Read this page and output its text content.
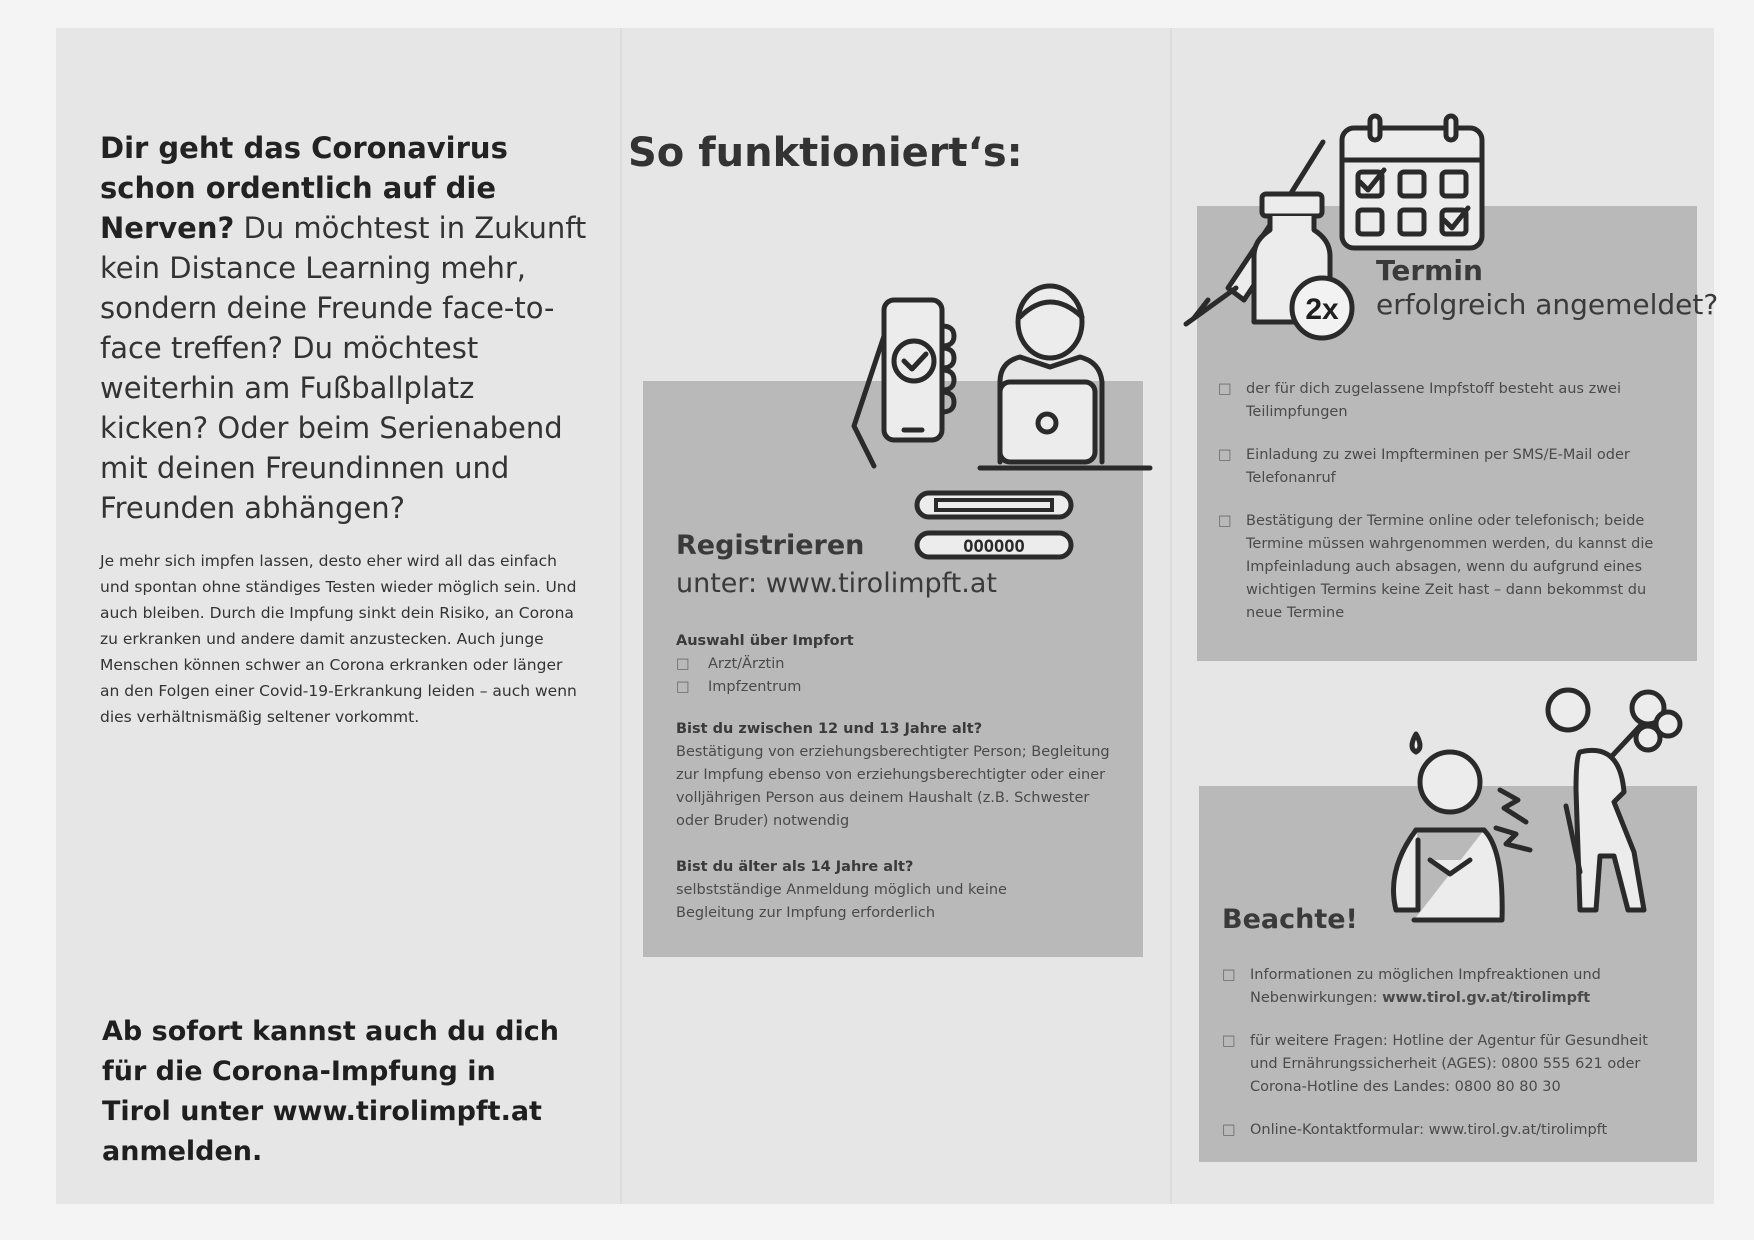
Dir geht das Coronavirus schon ordentlich auf die Nerven? Du möchtest in Zukunft kein Distance Learning mehr, sondern deine Freunde face-to-face treffen? Du möchtest weiterhin am Fußballplatz kicken? Oder beim Serienabend mit deinen Freundinnen und Freunden abhängen?
Je mehr sich impfen lassen, desto eher wird all das einfach und spontan ohne ständiges Testen wieder möglich sein. Und auch bleiben. Durch die Impfung sinkt dein Risiko, an Corona zu erkranken und andere damit anzustecken. Auch junge Menschen können schwer an Corona erkranken oder länger an den Folgen einer Covid-19-Erkrankung leiden – auch wenn dies verhältnismäßig seltener vorkommt.
Ab sofort kannst auch du dich für die Corona-Impfung in Tirol unter www.tirolimpft.at anmelden.
So funktioniert‘s:
OOOOOO
Registrieren
unter: www.tirolimpft.at
Auswahl über Impfort
□ Arzt/Ärztin
□ Impfzentrum
Bist du zwischen 12 und 13 Jahre alt?
Bestätigung von erziehungsberechtigter Person; Begleitung zur Impfung ebenso von erziehungsberechtigter oder einer volljährigen Person aus deinem Haushalt (z.B. Schwester oder Bruder) notwendig
Bist du älter als 14 Jahre alt?
selbstständige Anmeldung möglich und keine Begleitung zur Impfung erforderlich
2x
Termin
erfolgreich angemeldet?
□ der für dich zugelassene Impfstoff besteht aus zwei Teilimpfungen
□ Einladung zu zwei Impfterminen per SMS/E-Mail oder Telefonanruf
□ Bestätigung der Termine online oder telefonisch; beide Termine müssen wahrgenommen werden, du kannst die Impfeinladung auch absagen, wenn du aufgrund eines wichtigen Termins keine Zeit hast – dann bekommst du neue Termine
Beachte!
□ Informationen zu möglichen Impfreaktionen und Nebenwirkungen: www.tirol.gv.at/tirolimpft
□ für weitere Fragen: Hotline der Agentur für Gesundheit und Ernährungssicherheit (AGES): 0800 555 621 oder Corona-Hotline des Landes: 0800 80 80 30
□ Online-Kontaktformular: www.tirol.gv.at/tirolimpft
